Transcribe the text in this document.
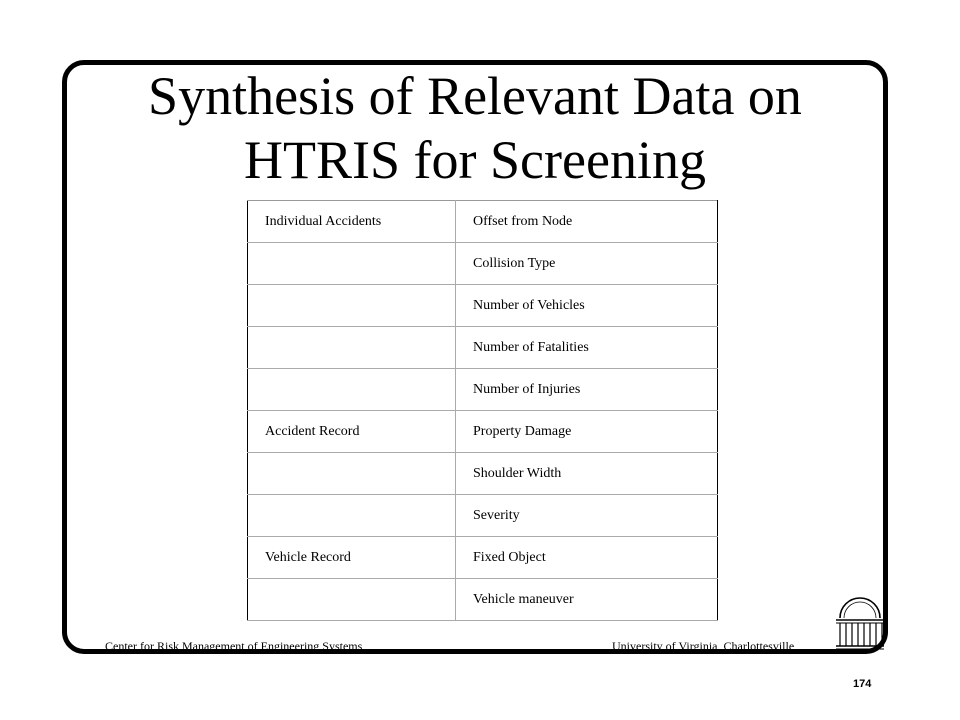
Synthesis of Relevant Data on
HTRIS for Screening
Individual Accidents	Offset from Node
	Collision Type
	Number of Vehicles
	Number of Fatalities
	Number of Injuries
Accident Record	Property Damage
	Shoulder Width
	Severity
Vehicle Record	Fixed Object
	Vehicle maneuver
Center for Risk Management of Engineering Systems	University of Virginia, Charlottesville
174
